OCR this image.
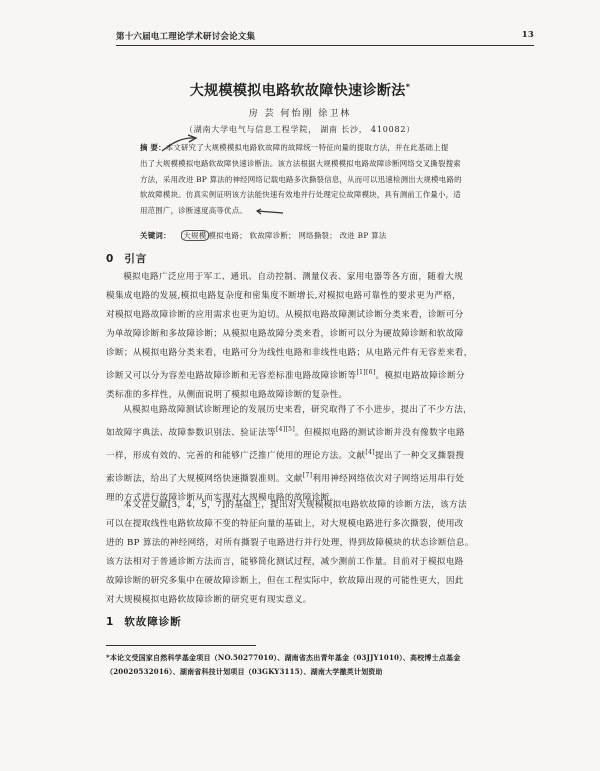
第十六届电工理论学术研讨会论文集	13
大规模模拟电路软故障快速诊断法*
房 芸 何怡刚 徐卫林
（湖南大学电气与信息工程学院， 湖南 长沙， 410082）
摘 要：本文研究了大规模模拟电路软故障的故障统一特征向量的提取方法，并在此基础上提
出了大规模模拟电路软故障快速诊断法。该方法根据大规模模拟电路故障诊断网络交叉撕裂搜索
方法，采用改进 BP 算法的神经网络记载电路多次撕裂信息，从而可以迅速检测出大规模电路的
软故障模块。仿真实例证明该方法能快速有效地并行处理定位故障模块，具有测前工作量小，适
用范围广，诊断速度高等优点。
关键词： 大规模 模拟电路； 软故障诊断； 网络撕裂； 改进 BP 算法
0 引言

模拟电路广泛应用于军工、通讯、自动控制、测量仪表、家用电器等各方面，随着大规
模集成电路的发展,模拟电路复杂度和密集度不断增长,对模拟电路可靠性的要求更为严格，
对模拟电路故障诊断的应用需求也更为迫切。从模拟电路故障测试诊断分类来看，诊断可分
为单故障诊断和多故障诊断；从模拟电路故障分类来看，诊断可以分为硬故障诊断和软故障
诊断；从模拟电路分类来看，电路可分为线性电路和非线性电路；从电路元件有无容差来看，
诊断又可以分为容差电路故障诊断和无容差标准电路故障诊断等[1][6]。模拟电路故障诊断分
类标准的多样性，从侧面说明了模拟电路故障诊断的复杂性。

从模拟电路故障测试诊断理论的发展历史来看，研究取得了不小进步，提出了不少方法，
如故障字典法、故障参数识别法、验证法等[4][5]。但模拟电路的测试诊断并没有像数字电路
一样，形成有效的、完善的和能够广泛推广使用的理论方法。文献[4]提出了一种交叉撕裂搜
索诊断法，给出了大规模网络快速撕裂准则。文献[7]利用神经网络依次对子网络运用串行处
理的方式进行故障诊断从而实现对大规模电路的故障诊断。

本文在文献[3，4，5，7]的基础上，提出对大规模模拟电路软故障的诊断方法，该方法
可以在提取线性电路软故障不变的特征向量的基础上，对大规模电路进行多次撕裂，使用改
进的 BP 算法的神经网络，对所有撕裂子电路进行并行处理，得到故障模块的状态诊断信息。
该方法相对于普通诊断方法而言，能够简化测试过程，减少测前工作量。目前对于模拟电路
故障诊断的研究多集中在硬故障诊断上，但在工程实际中，软故障出现的可能性更大，因此
对大规模模拟电路软故障诊断的研究更有现实意义。

1 软故障诊断
*本论文受国家自然科学基金项目（NO.50277010）、湖南省杰出青年基金（03JJY1010）、高校博士点基金
（20020532016）、湖南省科技计划项目（03GKY3115）、湖南大学撤英计划资助
